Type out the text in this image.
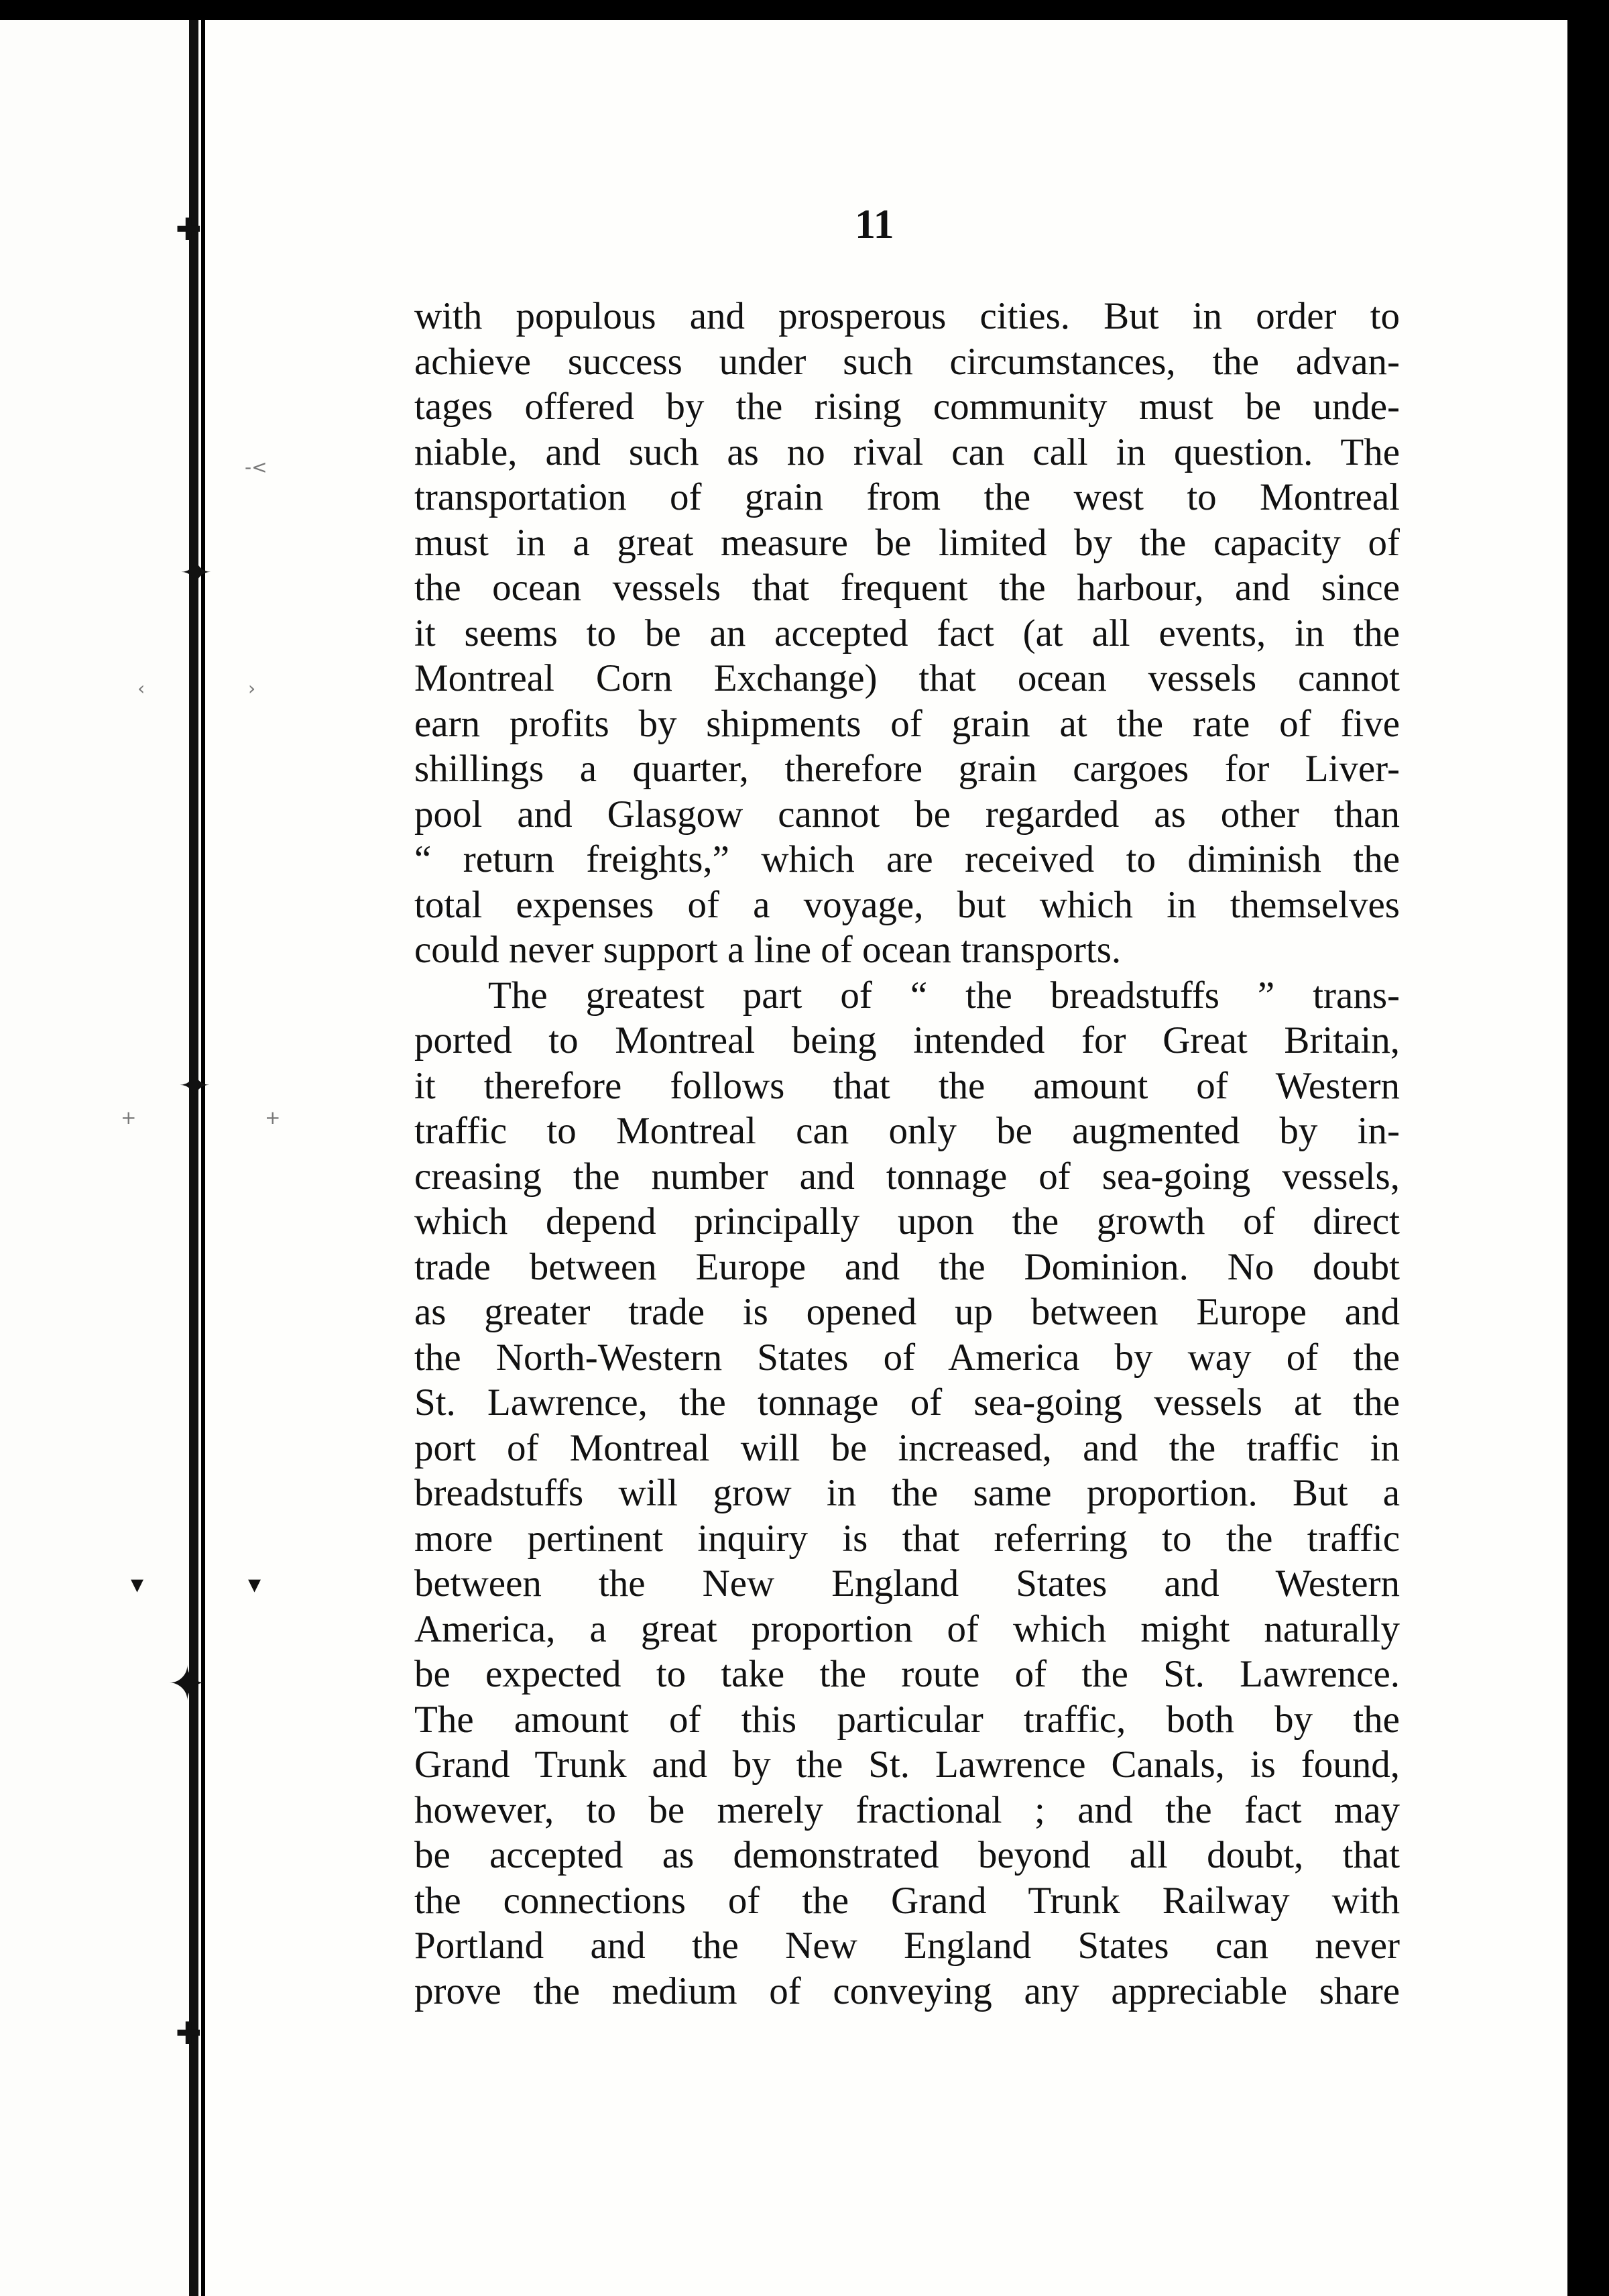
✚
✦
✦
✦
✚
‹	›
+	+
▾	▾
-<
11
with populous and prosperous cities. But in order to
achieve success under such circumstances, the advan-
tages offered by the rising community must be unde-
niable, and such as no rival can call in question. The
transportation of grain from the west to Montreal
must in a great measure be limited by the capacity of
the ocean vessels that frequent the harbour, and since
it seems to be an accepted fact (at all events, in the
Montreal Corn Exchange) that ocean vessels cannot
earn profits by shipments of grain at the rate of five
shillings a quarter, therefore grain cargoes for Liver-
pool and Glasgow cannot be regarded as other than
“ return freights,” which are received to diminish the
total expenses of a voyage, but which in themselves
could never support a line of ocean transports.
The greatest part of “ the breadstuffs ” trans-
ported to Montreal being intended for Great Britain,
it therefore follows that the amount of Western
traffic to Montreal can only be augmented by in-
creasing the number and tonnage of sea-going vessels,
which depend principally upon the growth of direct
trade between Europe and the Dominion. No doubt
as greater trade is opened up between Europe and
the North-Western States of America by way of the
St. Lawrence, the tonnage of sea-going vessels at the
port of Montreal will be increased, and the traffic in
breadstuffs will grow in the same proportion. But a
more pertinent inquiry is that referring to the traffic
between the New England States and Western
America, a great proportion of which might naturally
be expected to take the route of the St. Lawrence.
The amount of this particular traffic, both by the
Grand Trunk and by the St. Lawrence Canals, is found,
however, to be merely fractional ; and the fact may
be accepted as demonstrated beyond all doubt, that
the connections of the Grand Trunk Railway with
Portland and the New England States can never
prove the medium of conveying any appreciable share
